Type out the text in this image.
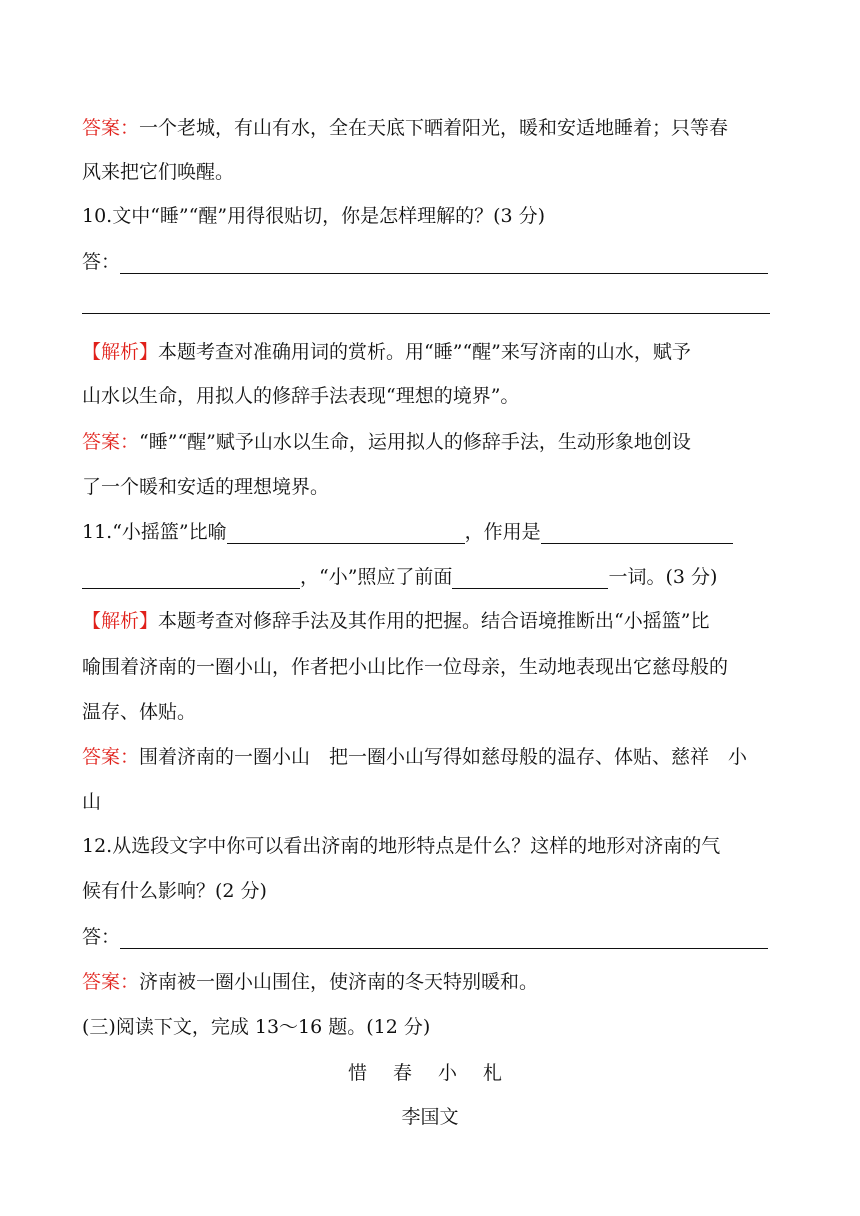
答案：一个老城，有山有水，全在天底下晒着阳光，暖和安适地睡着；只等春
风来把它们唤醒。
10.文中“睡”“醒”用得很贴切，你是怎样理解的？(3 分)
答：
【解析】本题考查对准确用词的赏析。用“睡”“醒”来写济南的山水，赋予
山水以生命，用拟人的修辞手法表现“理想的境界”。
答案：“睡”“醒”赋予山水以生命，运用拟人的修辞手法，生动形象地创设
了一个暖和安适的理想境界。
11.“小摇篮”比喻	，作用是
，“小”照应了前面	一词。(3 分)
【解析】本题考查对修辞手法及其作用的把握。结合语境推断出“小摇篮”比
喻围着济南的一圈小山，作者把小山比作一位母亲，生动地表现出它慈母般的
温存、体贴。
答案：围着济南的一圈小山　把一圈小山写得如慈母般的温存、体贴、慈祥　小
山
12.从选段文字中你可以看出济南的地形特点是什么？这样的地形对济南的气
候有什么影响？(2 分)
答：
答案：济南被一圈小山围住，使济南的冬天特别暖和。
(三)阅读下文，完成 13～16 题。(12 分)
惜 春 小 札
李国文
